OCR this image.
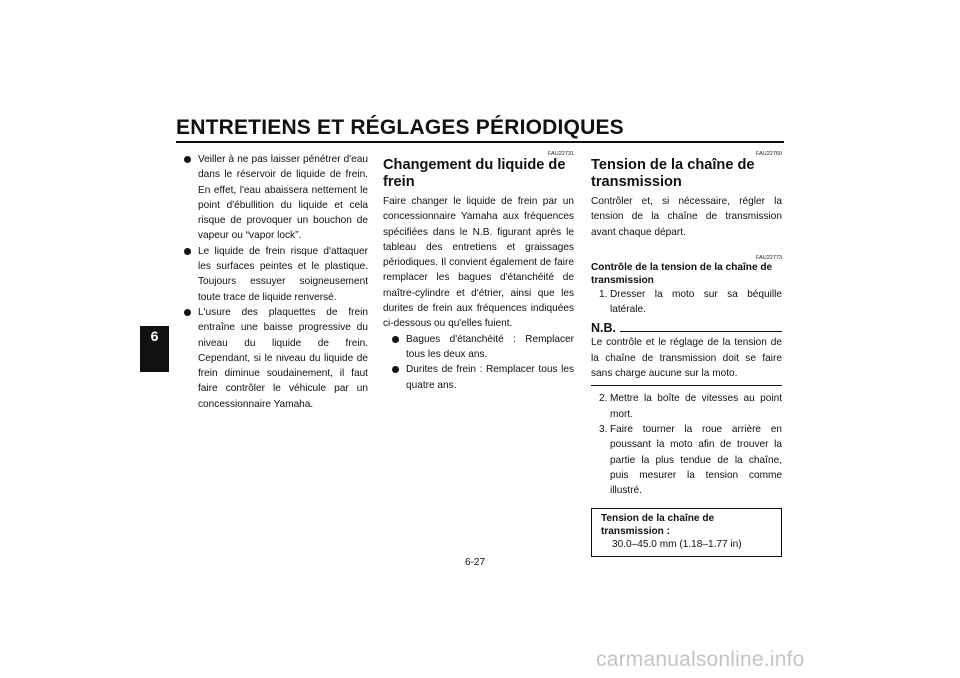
ENTRETIENS ET RÉGLAGES PÉRIODIQUES
6
Veiller à ne pas laisser pénétrer d'eau dans le réservoir de liquide de frein. En effet, l'eau abaissera nettement le point d'ébullition du liquide et cela risque de provoquer un bouchon de vapeur ou “vapor lock”.
Le liquide de frein risque d'attaquer les surfaces peintes et le plastique. Toujours essuyer soigneusement toute trace de liquide renversé.
L'usure des plaquettes de frein entraîne une baisse progressive du niveau du liquide de frein. Cependant, si le niveau du liquide de frein diminue soudainement, il faut faire contrôler le véhicule par un concessionnaire Yamaha.
FAU22731
Changement du liquide de frein

Faire changer le liquide de frein par un concessionnaire Yamaha aux fréquences spécifiées dans le N.B. figurant après le tableau des entretiens et graissages périodiques. Il convient également de faire remplacer les bagues d'étanchéité de maître-cylindre et d'étrier, ainsi que les durites de frein aux fréquences indiquées ci-dessous ou qu'elles fuient.

Bagues d'étanchéité : Remplacer tous les deux ans.
Durites de frein : Remplacer tous les quatre ans.
FAU22760
Tension de la chaîne de transmission

Contrôler et, si nécessaire, régler la tension de la chaîne de transmission avant chaque départ.

FAU22773
Contrôle de la tension de la chaîne de transmission
1. Dresser la moto sur sa béquille latérale.
N.B.

Le contrôle et le réglage de la tension de la chaîne de transmission doit se faire sans charge aucune sur la moto.

2. Mettre la boîte de vitesses au point mort.
3. Faire tourner la roue arrière en poussant la moto afin de trouver la partie la plus tendue de la chaîne, puis mesurer la tension comme illustré.
Tension de la chaîne de transmission :
30.0–45.0 mm (1.18–1.77 in)
6-27
carmanualsonline.info
